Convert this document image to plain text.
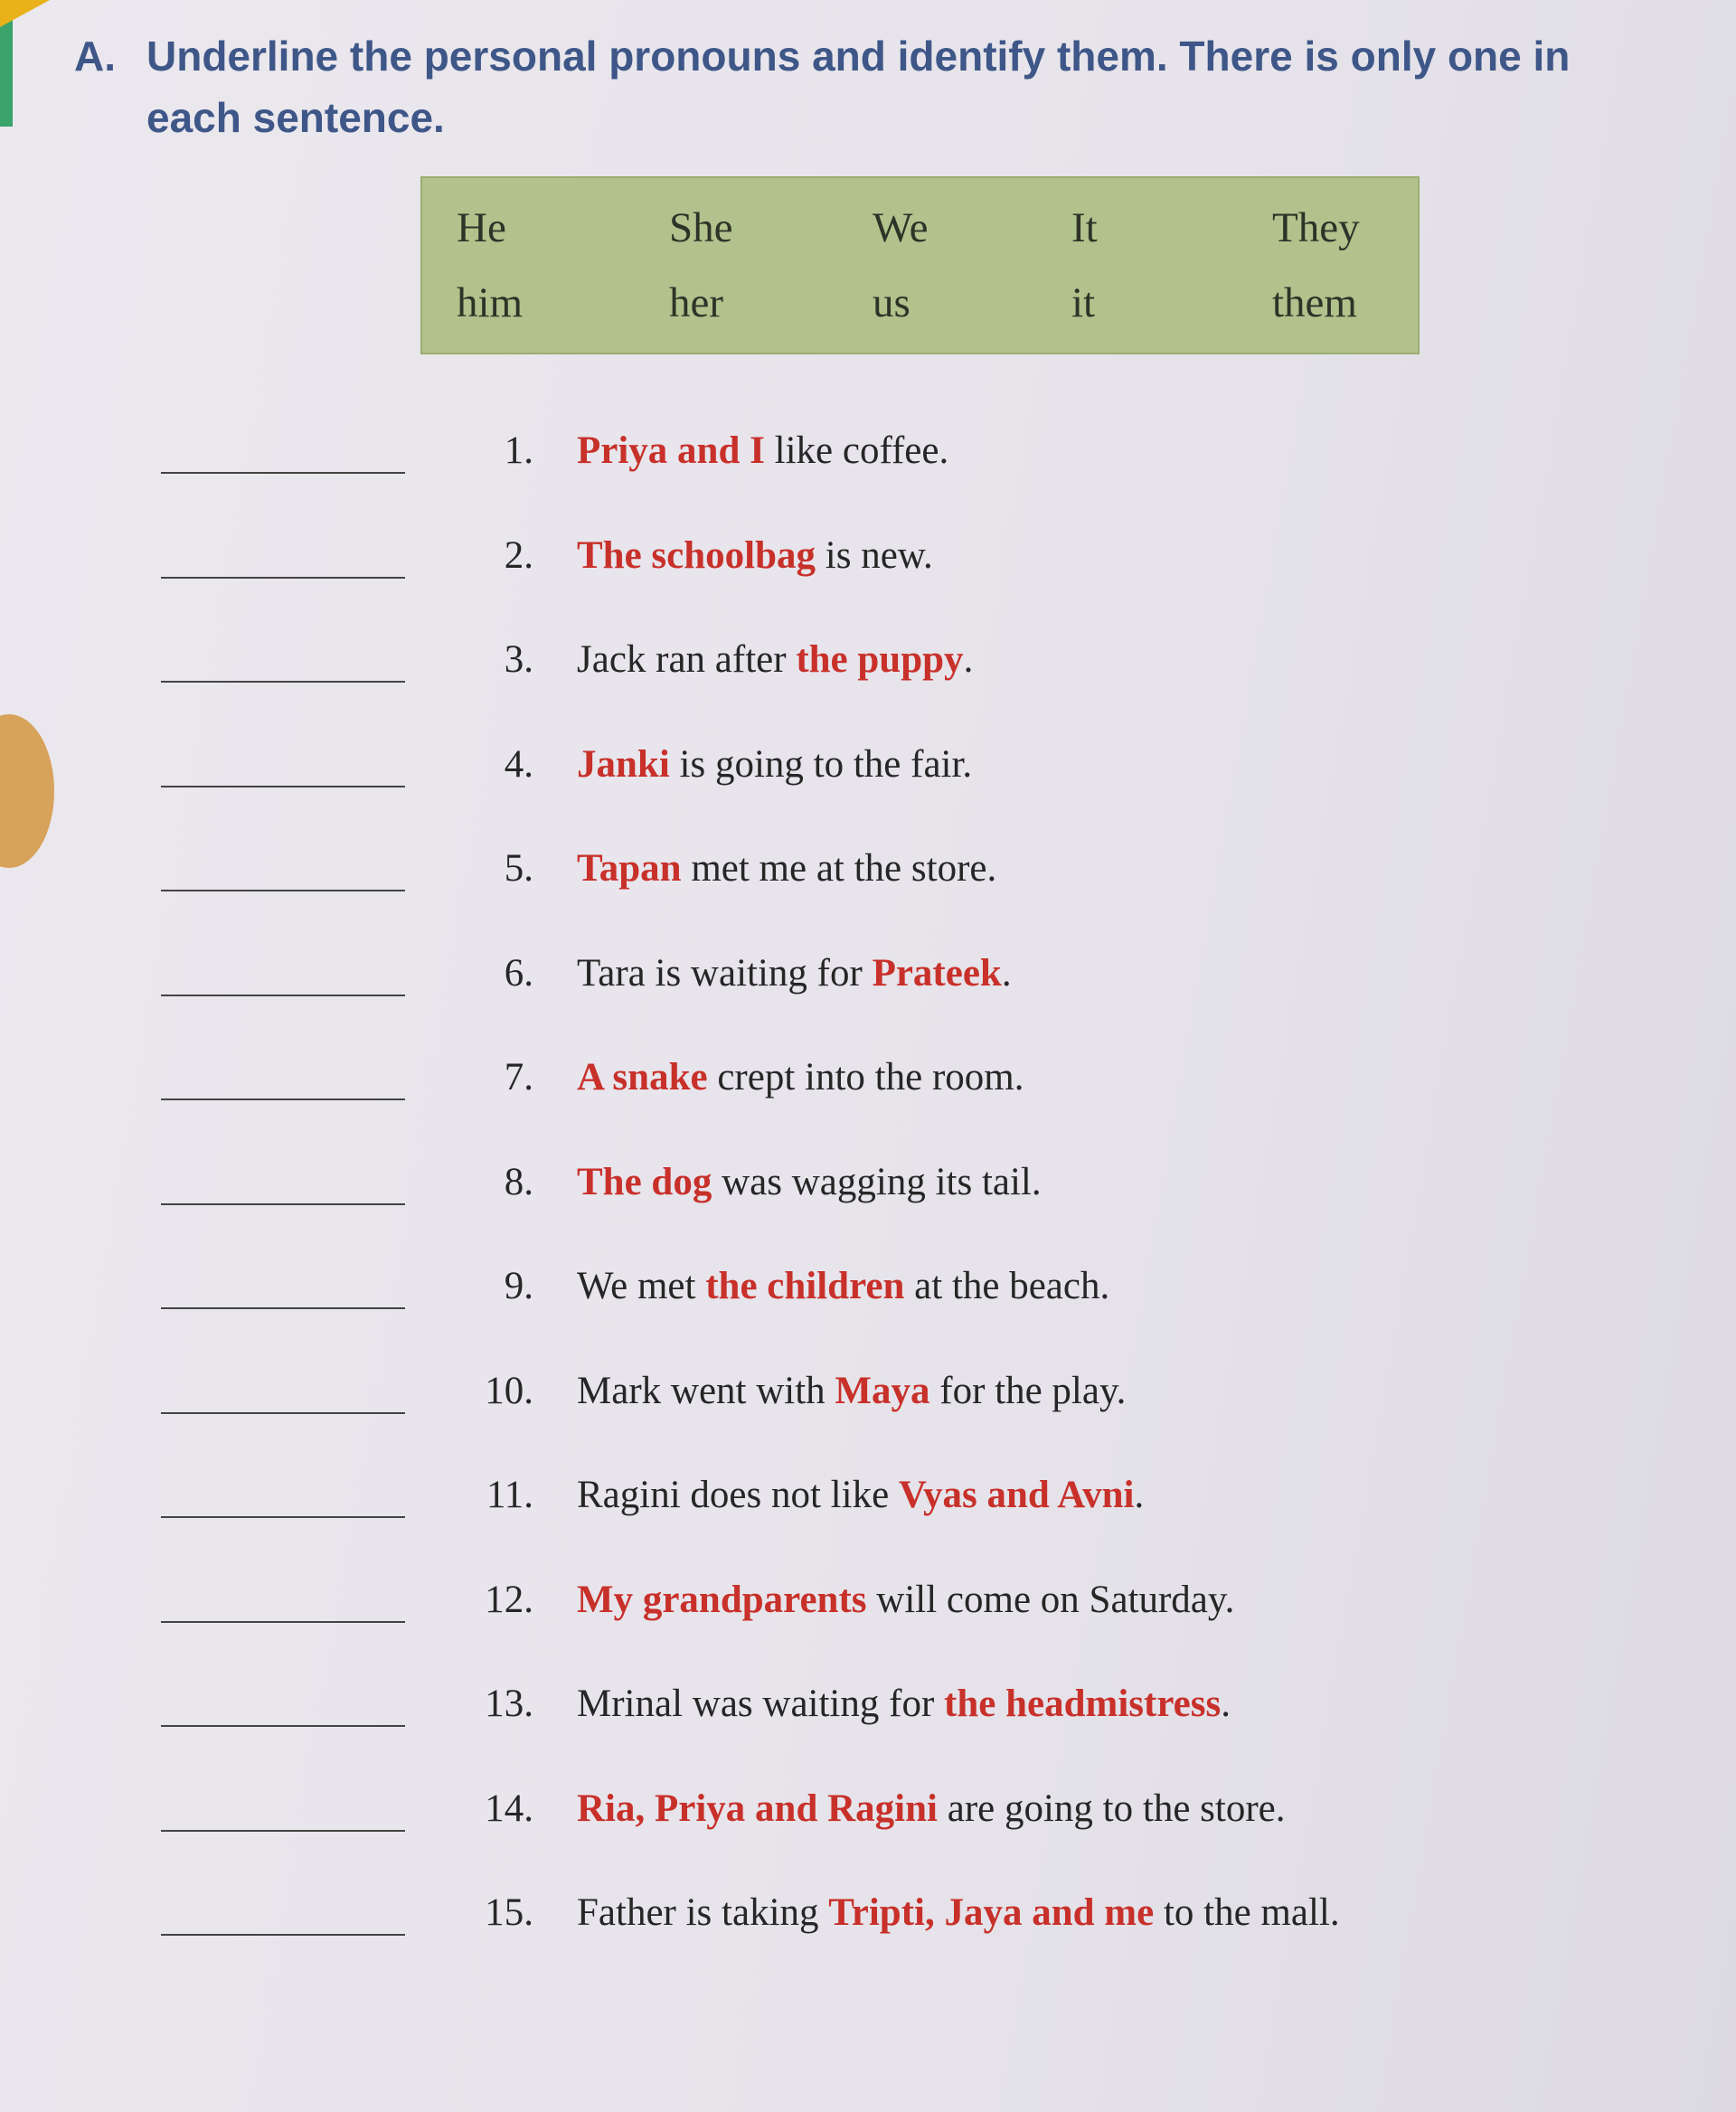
A. Underline the personal pronouns and identify them. There is only one in
each sentence.
He	She	We	It	They
him	her	us	it	them
1. Priya and I like coffee.
2. The schoolbag is new.
3. Jack ran after the puppy.
4. Janki is going to the fair.
5. Tapan met me at the store.
6. Tara is waiting for Prateek.
7. A snake crept into the room.
8. The dog was wagging its tail.
9. We met the children at the beach.
10. Mark went with Maya for the play.
11. Ragini does not like Vyas and Avni.
12. My grandparents will come on Saturday.
13. Mrinal was waiting for the headmistress.
14. Ria, Priya and Ragini are going to the store.
15. Father is taking Tripti, Jaya and me to the mall.
